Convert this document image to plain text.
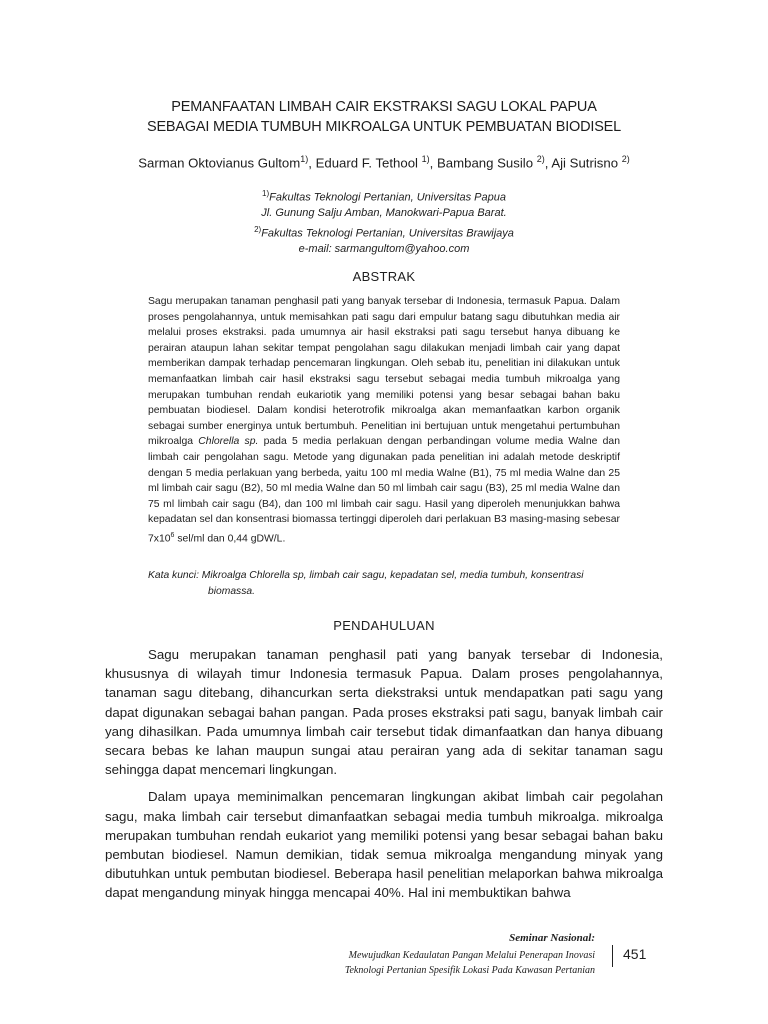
PEMANFAATAN LIMBAH CAIR EKSTRAKSI SAGU LOKAL PAPUA
SEBAGAI MEDIA TUMBUH MIKROALGA UNTUK PEMBUATAN BIODISEL
Sarman Oktovianus Gultom$^{1)}$, Eduard F. Tethool $^{1)}$, Bambang Susilo $^{2)}$, Aji Sutrisno $^{2)}$
$^{1)}$Fakultas Teknologi Pertanian, Universitas Papua
Jl. Gunung Salju Amban, Manokwari-Papua Barat.
$^{2)}$Fakultas Teknologi Pertanian, Universitas Brawijaya
e-mail: sarmangultom@yahoo.com
ABSTRAK
Sagu merupakan tanaman penghasil pati yang banyak tersebar di Indonesia, termasuk Papua. Dalam proses pengolahannya, untuk memisahkan pati sagu dari empulur batang sagu dibutuhkan media air melalui proses ekstraksi. pada umumnya air hasil ekstraksi pati sagu tersebut hanya dibuang ke perairan ataupun lahan sekitar tempat pengolahan sagu dilakukan menjadi limbah cair yang dapat memberikan dampak terhadap pencemaran lingkungan. Oleh sebab itu, penelitian ini dilakukan untuk memanfaatkan limbah cair hasil ekstraksi sagu tersebut sebagai media tumbuh mikroalga yang merupakan tumbuhan rendah eukariotik yang memiliki potensi yang besar sebagai bahan baku pembuatan biodiesel. Dalam kondisi heterotrofik mikroalga akan memanfaatkan karbon organik sebagai sumber energinya untuk bertumbuh. Penelitian ini bertujuan untuk mengetahui pertumbuhan mikroalga Chlorella sp. pada 5 media perlakuan dengan perbandingan volume media Walne dan limbah cair pengolahan sagu. Metode yang digunakan pada penelitian ini adalah metode deskriptif dengan 5 media perlakuan yang berbeda, yaitu 100 ml media Walne (B1), 75 ml media Walne dan 25 ml limbah cair sagu (B2), 50 ml media Walne dan 50 ml limbah cair sagu (B3), 25 ml media Walne dan 75 ml limbah cair sagu (B4), dan 100 ml limbah cair sagu. Hasil yang diperoleh menunjukkan bahwa kepadatan sel dan konsentrasi biomassa tertinggi diperoleh dari perlakuan B3 masing-masing sebesar $7x10^6$ sel/ml dan 0,44 gDW/L.
Kata kunci: Mikroalga Chlorella sp, limbah cair sagu, kepadatan sel, media tumbuh, konsentrasi
biomassa.
PENDAHULUAN

Sagu merupakan tanaman penghasil pati yang banyak tersebar di Indonesia, khususnya di wilayah timur Indonesia termasuk Papua. Dalam proses pengolahannya, tanaman sagu ditebang, dihancurkan serta diekstraksi untuk mendapatkan pati sagu yang dapat digunakan sebagai bahan pangan. Pada proses ekstraksi pati sagu, banyak limbah cair yang dihasilkan. Pada umumnya limbah cair tersebut tidak dimanfaatkan dan hanya dibuang secara bebas ke lahan maupun sungai atau perairan yang ada di sekitar tanaman sagu sehingga dapat mencemari lingkungan.

Dalam upaya meminimalkan pencemaran lingkungan akibat limbah cair pegolahan sagu, maka limbah cair tersebut dimanfaatkan sebagai media tumbuh mikroalga. mikroalga merupakan tumbuhan rendah eukariot yang memiliki potensi yang besar sebagai bahan baku pembutan biodiesel. Namun demikian, tidak semua mikroalga mengandung minyak yang dibutuhkan untuk pembutan biodiesel. Beberapa hasil penelitian melaporkan bahwa mikroalga dapat mengandung minyak hingga mencapai 40%. Hal ini membuktikan bahwa

Seminar Nasional:
Mewujudkan Kedaulatan Pangan Melalui Penerapan Inovasi
Teknologi Pertanian Spesifik Lokasi Pada Kawasan Pertanian
451
